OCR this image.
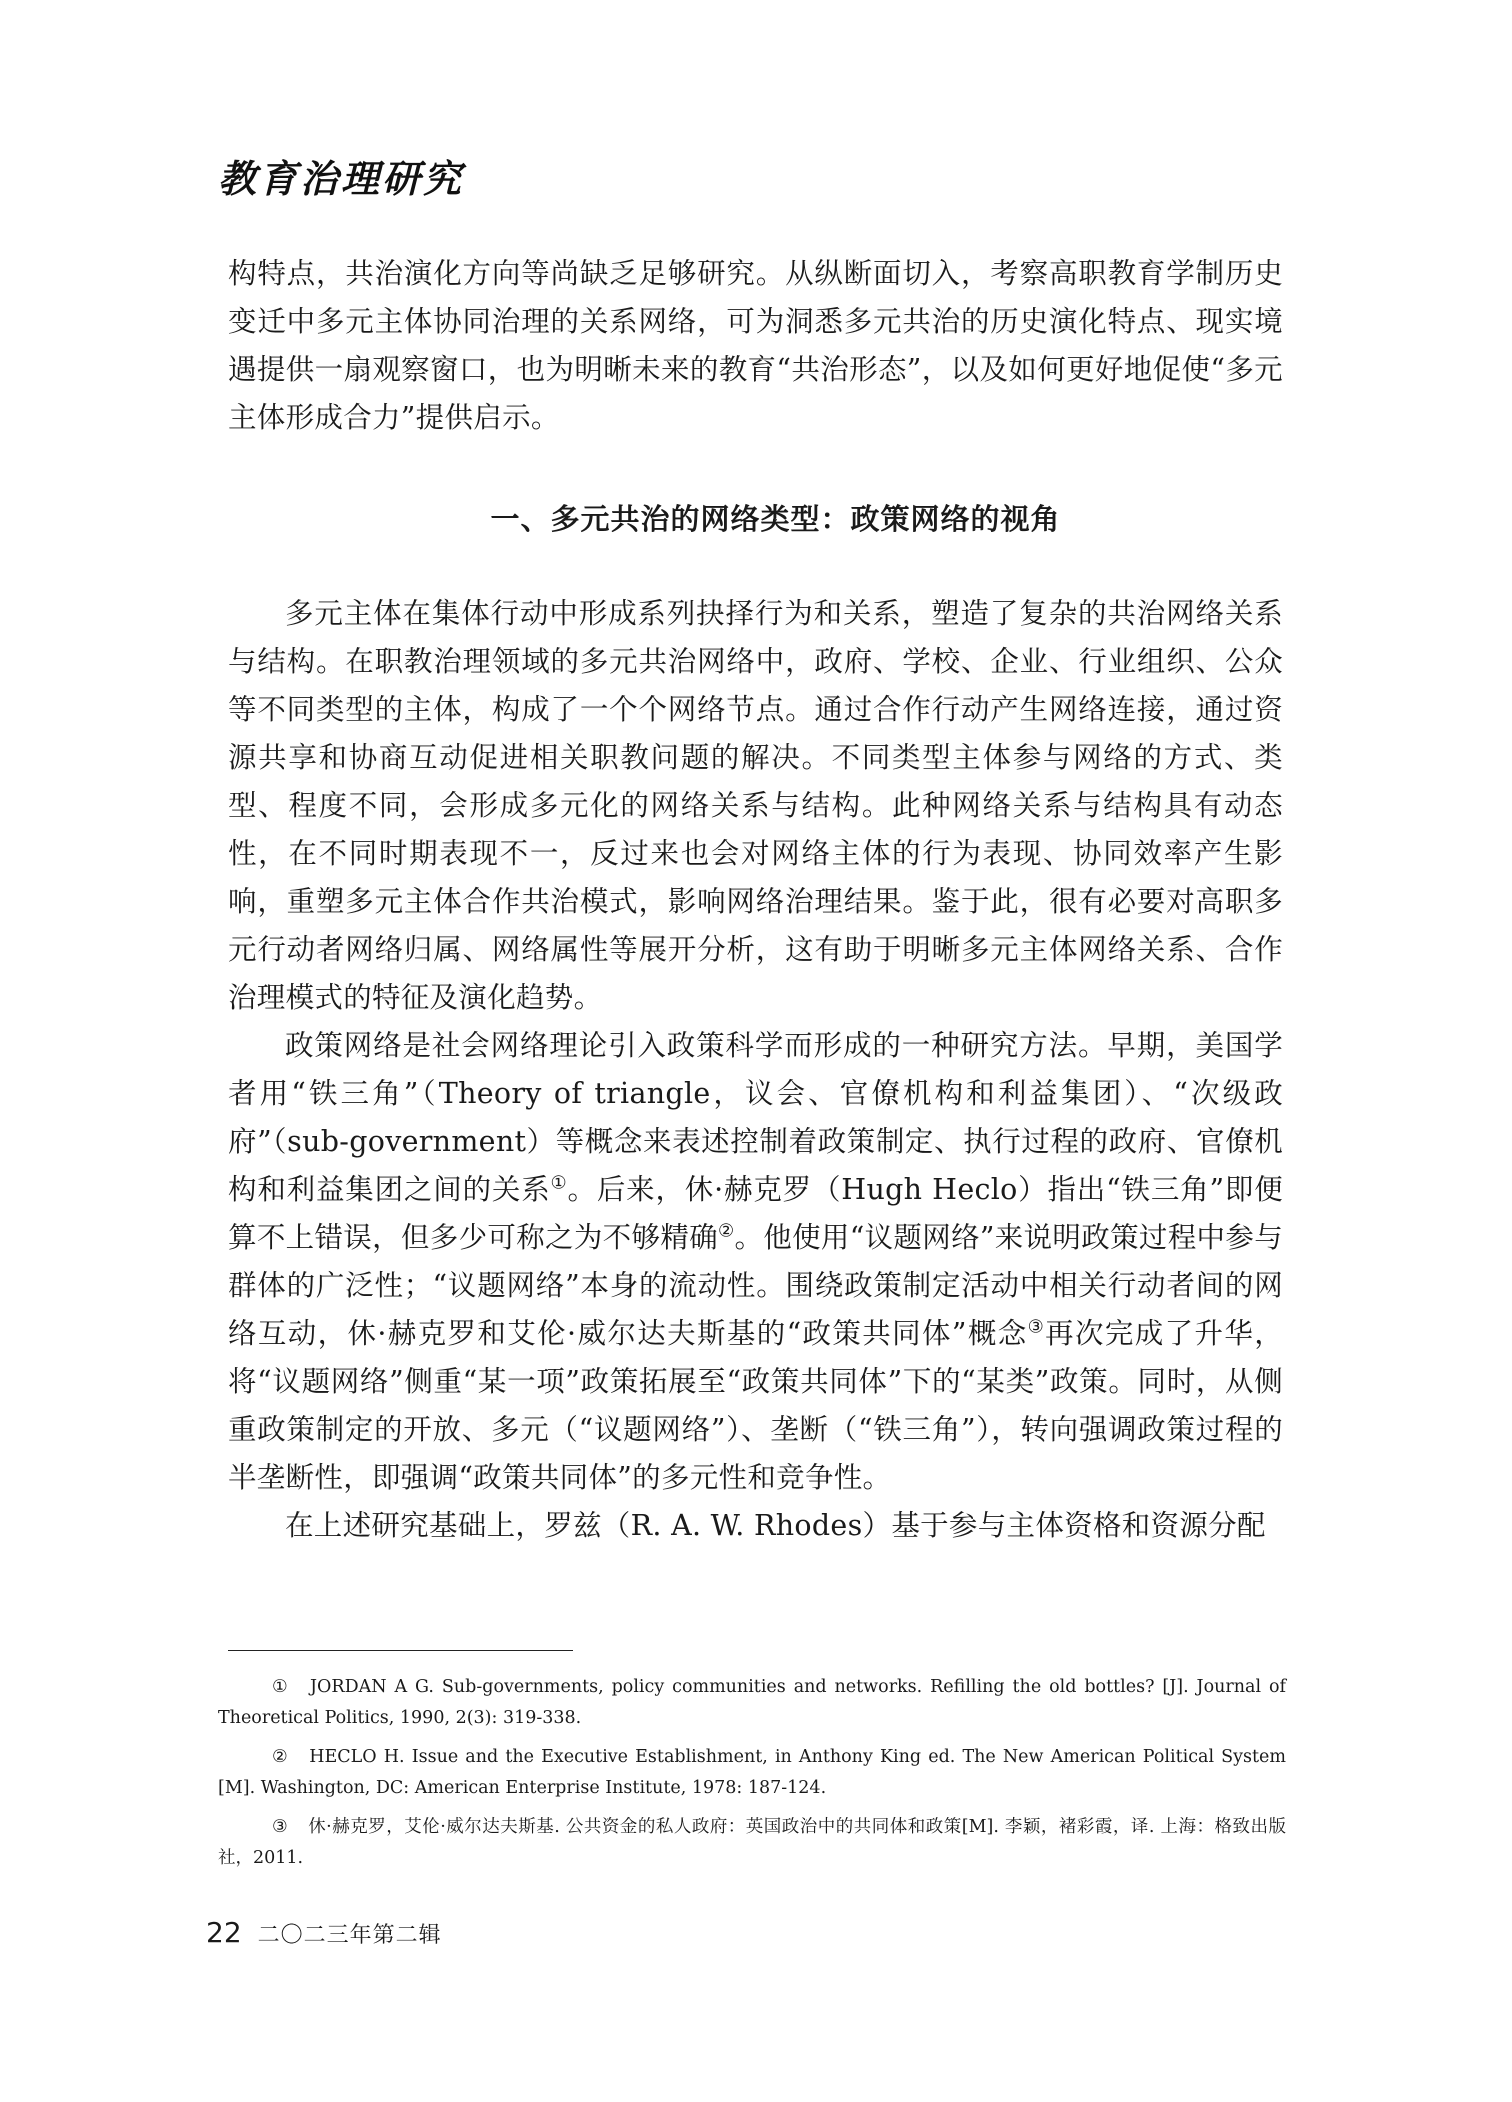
教育治理研究

构特点，共治演化方向等尚缺乏足够研究。从纵断面切入，考察高职教育学制历史变迁中多元主体协同治理的关系网络，可为洞悉多元共治的历史演化特点、现实境遇提供一扇观察窗口，也为明晰未来的教育“共治形态”，以及如何更好地促使“多元主体形成合力”提供启示。

一、多元共治的网络类型：政策网络的视角

多元主体在集体行动中形成系列抉择行为和关系，塑造了复杂的共治网络关系与结构。在职教治理领域的多元共治网络中，政府、学校、企业、行业组织、公众等不同类型的主体，构成了一个个网络节点。通过合作行动产生网络连接，通过资源共享和协商互动促进相关职教问题的解决。不同类型主体参与网络的方式、类型、程度不同，会形成多元化的网络关系与结构。此种网络关系与结构具有动态性，在不同时期表现不一，反过来也会对网络主体的行为表现、协同效率产生影响，重塑多元主体合作共治模式，影响网络治理结果。鉴于此，很有必要对高职多元行动者网络归属、网络属性等展开分析，这有助于明晰多元主体网络关系、合作治理模式的特征及演化趋势。

政策网络是社会网络理论引入政策科学而形成的一种研究方法。早期，美国学者用“铁三角”（Theory of triangle，议会、官僚机构和利益集团）、“次级政府”（sub-government）等概念来表述控制着政策制定、执行过程的政府、官僚机构和利益集团之间的关系①。后来，休·赫克罗（Hugh Heclo）指出“铁三角”即便算不上错误，但多少可称之为不够精确②。他使用“议题网络”来说明政策过程中参与群体的广泛性；“议题网络”本身的流动性。围绕政策制定活动中相关行动者间的网络互动，休·赫克罗和艾伦·威尔达夫斯基的“政策共同体”概念③再次完成了升华，将“议题网络”侧重“某一项”政策拓展至“政策共同体”下的“某类”政策。同时，从侧重政策制定的开放、多元（“议题网络”）、垄断（“铁三角”），转向强调政策过程的半垄断性，即强调“政策共同体”的多元性和竞争性。

在上述研究基础上，罗兹（R. A. W. Rhodes）基于参与主体资格和资源分配

① JORDAN A G. Sub-governments, policy communities and networks. Refilling the old bottles? [J]. Journal of Theoretical Politics, 1990, 2(3): 319-338.

② HECLO H. Issue and the Executive Establishment, in Anthony King ed. The New American Political System [M]. Washington, DC: American Enterprise Institute, 1978: 187-124.

③ 休·赫克罗，艾伦·威尔达夫斯基. 公共资金的私人政府：英国政治中的共同体和政策[M]. 李颖，褚彩霞，译. 上海：格致出版社，2011.

22 二〇二三年第二辑
